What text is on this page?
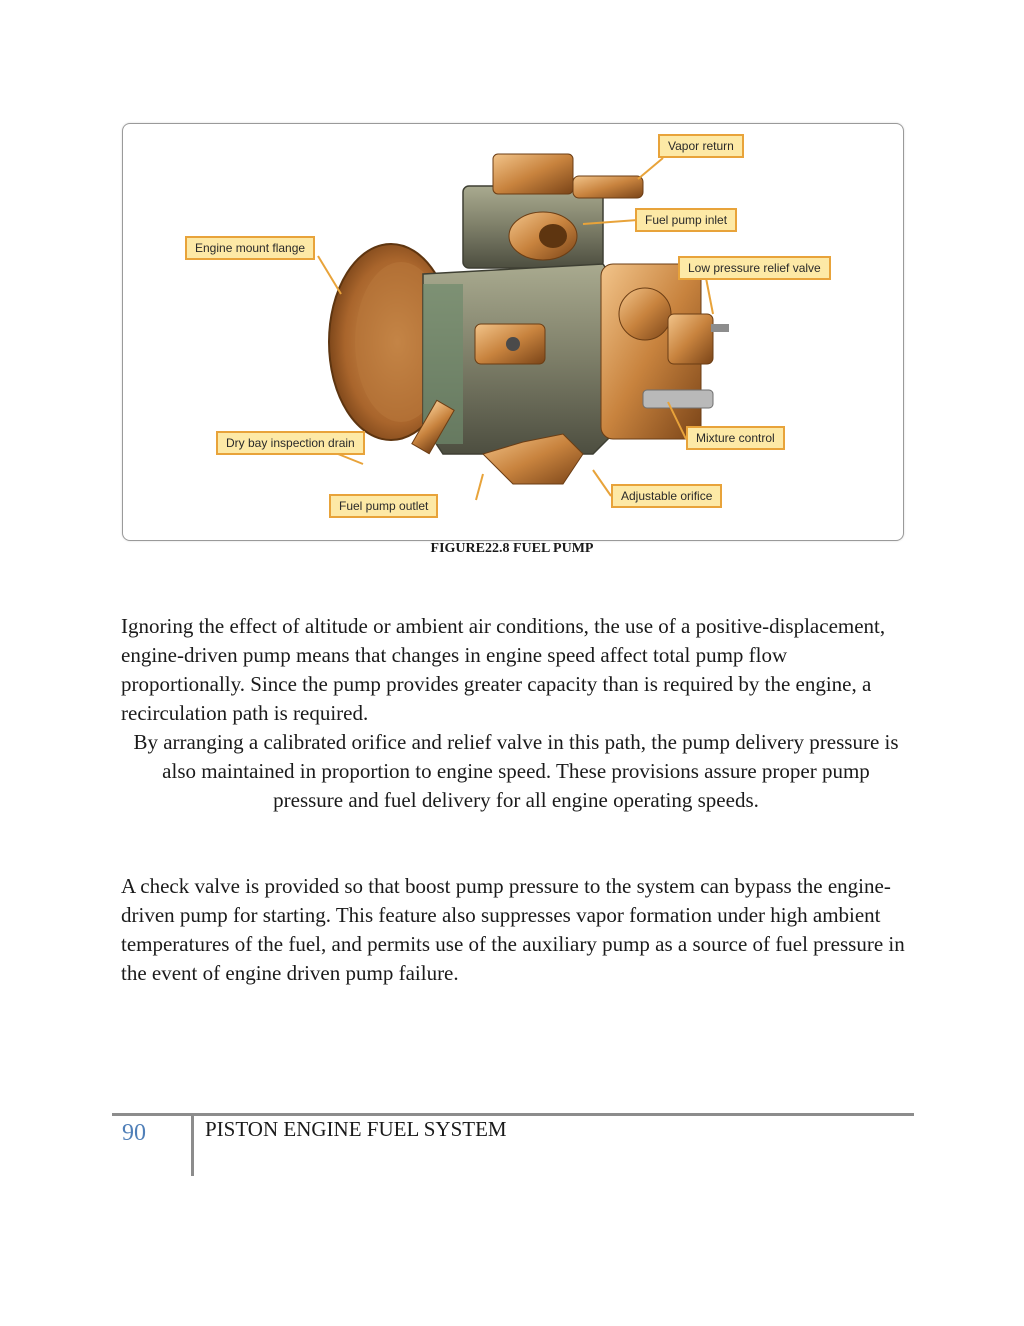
Vapor return
Fuel pump inlet
Engine mount flange
Low pressure relief valve
Dry bay inspection drain	Mixture control
Adjustable orifice
Fuel pump outlet
FIGURE22.8 FUEL PUMP

Ignoring the effect of altitude or ambient air conditions, the use of a positive-displacement, engine-driven pump means that changes in engine speed affect total pump flow proportionally. Since the pump provides greater capacity than is required by the engine, a recirculation path is required.

By arranging a calibrated orifice and relief valve in this path, the pump delivery pressure is also maintained in proportion to engine speed. These provisions assure proper pump pressure and fuel delivery for all engine operating speeds.

A check valve is provided so that boost pump pressure to the system can bypass the engine-driven pump for starting. This feature also suppresses vapor formation under high ambient temperatures of the fuel, and permits use of the auxiliary pump as a source of fuel pressure in the event of engine driven pump failure.

90	PISTON ENGINE FUEL SYSTEM
